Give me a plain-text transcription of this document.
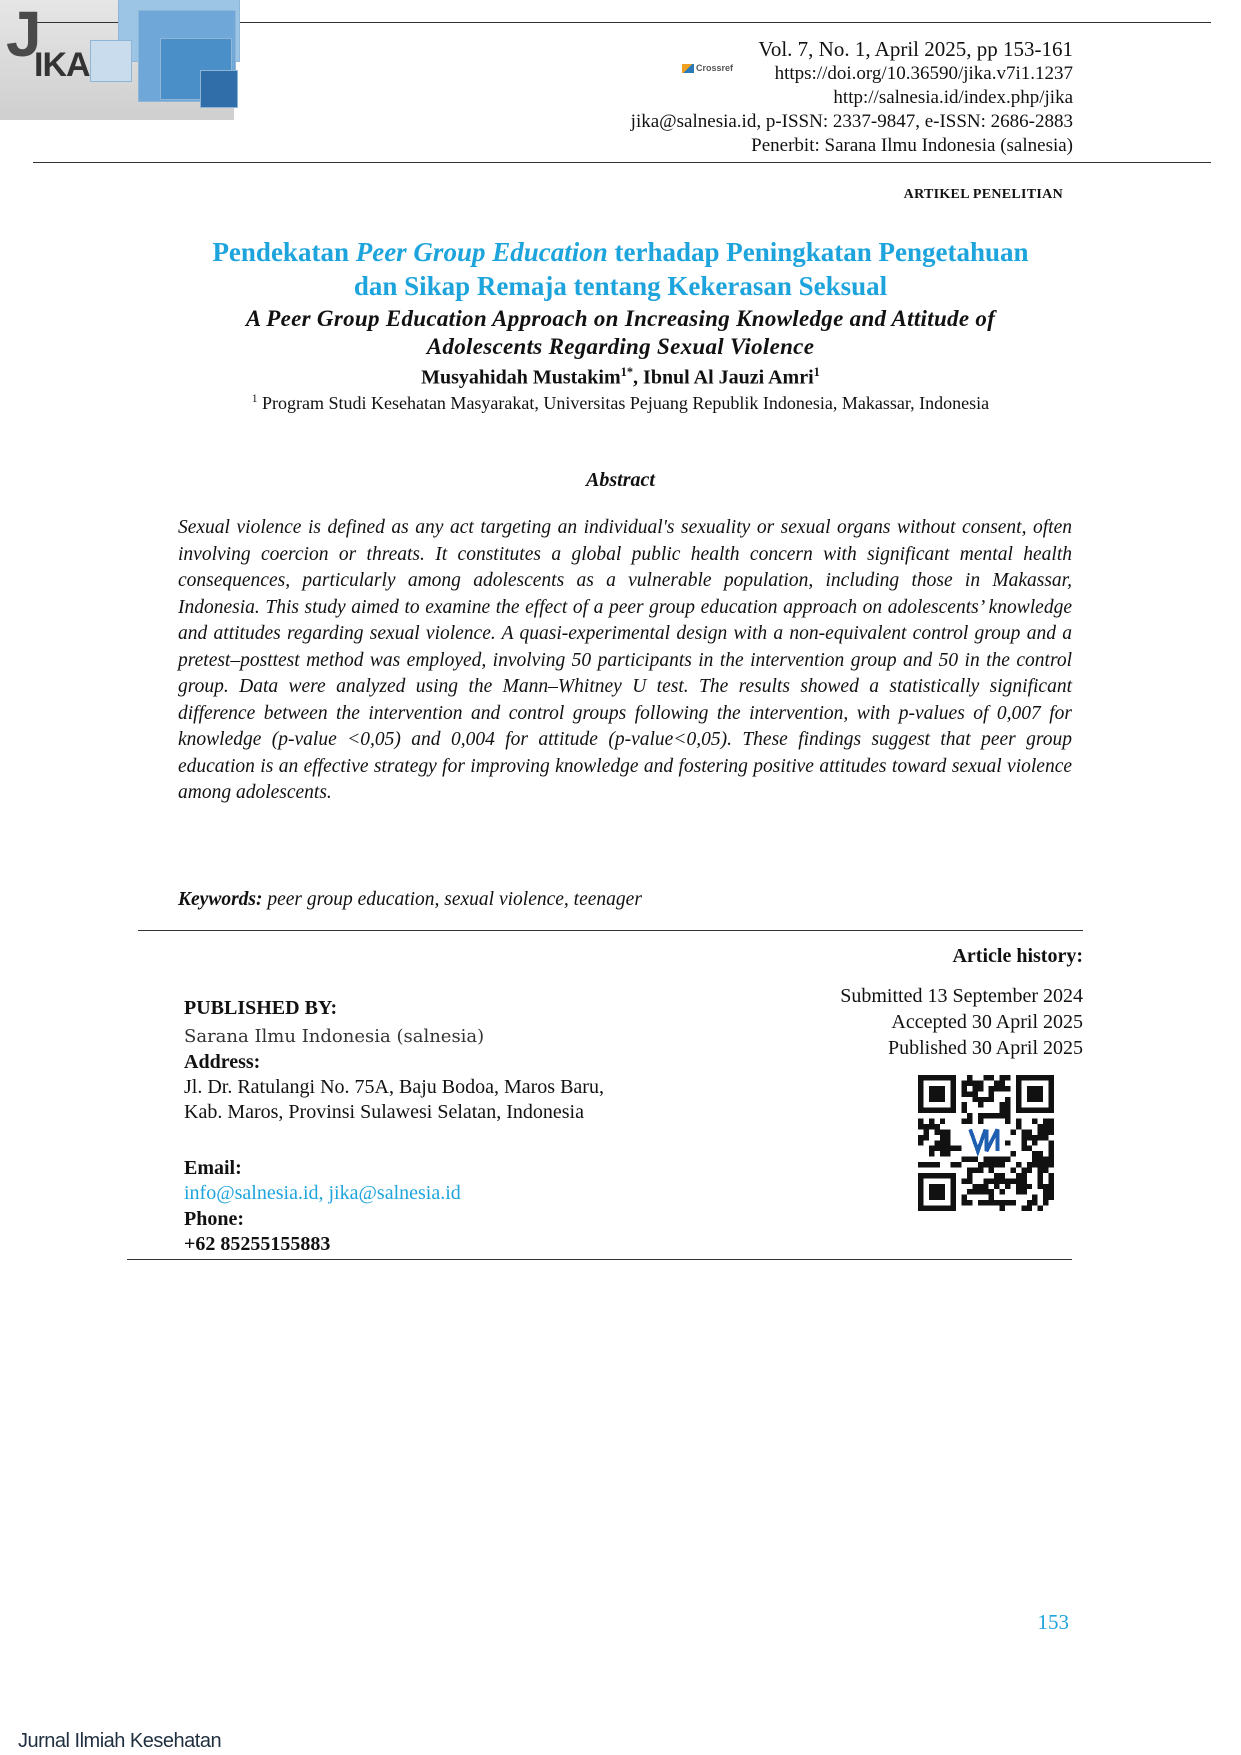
J
IKA
Jurnal Ilmiah Kesehatan
Vol. 7, No. 1, April 2025, pp 153-161
Crossref https://doi.org/10.36590/jika.v7i1.1237
http://salnesia.id/index.php/jika
jika@salnesia.id, p-ISSN: 2337-9847, e-ISSN: 2686-2883
Penerbit: Sarana Ilmu Indonesia (salnesia)
ARTIKEL PENELITIAN
Pendekatan Peer Group Education terhadap Peningkatan Pengetahuan
dan Sikap Remaja tentang Kekerasan Seksual
A Peer Group Education Approach on Increasing Knowledge and Attitude of
Adolescents Regarding Sexual Violence
Musyahidah Mustakim$^{1*}$, Ibnul Al Jauzi Amri$^1$
$^1$ Program Studi Kesehatan Masyarakat, Universitas Pejuang Republik Indonesia, Makassar, Indonesia
Abstract
Sexual violence is defined as any act targeting an individual's sexuality or sexual organs without consent, often involving coercion or threats. It constitutes a global public health concern with significant mental health consequences, particularly among adolescents as a vulnerable population, including those in Makassar, Indonesia. This study aimed to examine the effect of a peer group education approach on adolescents’ knowledge and attitudes regarding sexual violence. A quasi-experimental design with a non-equivalent control group and a pretest–posttest method was employed, involving 50 participants in the intervention group and 50 in the control group. Data were analyzed using the Mann–Whitney U test. The results showed a statistically significant difference between the intervention and control groups following the intervention, with p-values of 0,007 for knowledge (p-value <0,05) and 0,004 for attitude (p-value<0,05). These findings suggest that peer group education is an effective strategy for improving knowledge and fostering positive attitudes toward sexual violence among adolescents.
Keywords: peer group education, sexual violence, teenager
Article history:
Submitted 13 September 2024
Accepted 30 April 2025
Published 30 April 2025
PUBLISHED BY:
Sarana Ilmu Indonesia (salnesia)
Address:
Jl. Dr. Ratulangi No. 75A, Baju Bodoa, Maros Baru,
Kab. Maros, Provinsi Sulawesi Selatan, Indonesia
Email:
info@salnesia.id, jika@salnesia.id
Phone:
+62 85255155883
153
